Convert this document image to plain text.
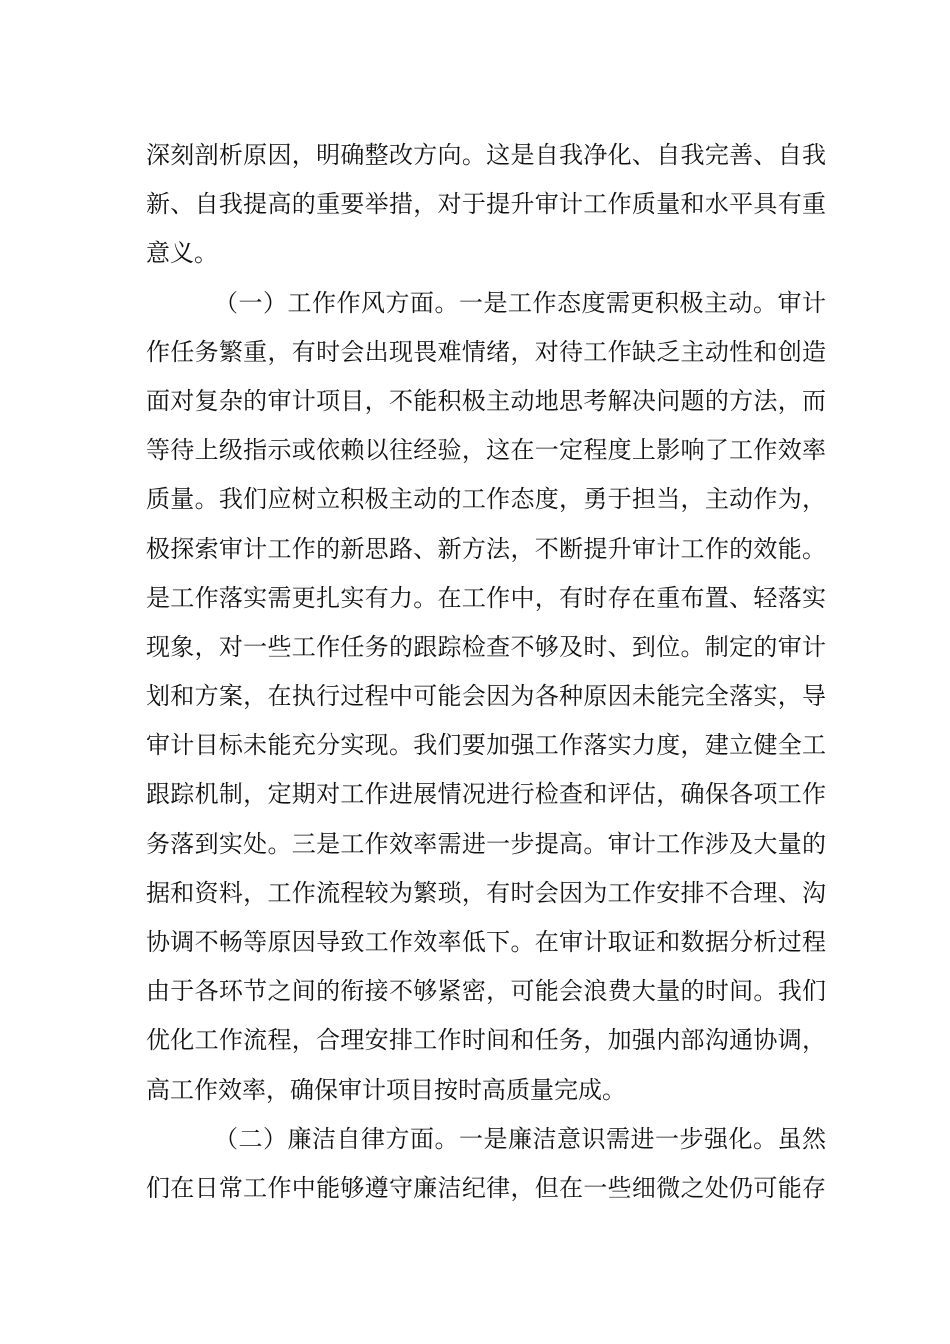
深刻剖析原因，明确整改方向。这是自我净化、自我完善、自我
新、自我提高的重要举措，对于提升审计工作质量和水平具有重
意义。
（一）工作作风方面。一是工作态度需更积极主动。审计
作任务繁重，有时会出现畏难情绪，对待工作缺乏主动性和创造
面对复杂的审计项目，不能积极主动地思考解决问题的方法，而
等待上级指示或依赖以往经验，这在一定程度上影响了工作效率
质量。我们应树立积极主动的工作态度，勇于担当，主动作为，
极探索审计工作的新思路、新方法，不断提升审计工作的效能。
是工作落实需更扎实有力。在工作中，有时存在重布置、轻落实
现象，对一些工作任务的跟踪检查不够及时、到位。制定的审计
划和方案，在执行过程中可能会因为各种原因未能完全落实，导
审计目标未能充分实现。我们要加强工作落实力度，建立健全工
跟踪机制，定期对工作进展情况进行检查和评估，确保各项工作
务落到实处。三是工作效率需进一步提高。审计工作涉及大量的
据和资料，工作流程较为繁琐，有时会因为工作安排不合理、沟
协调不畅等原因导致工作效率低下。在审计取证和数据分析过程
由于各环节之间的衔接不够紧密，可能会浪费大量的时间。我们
优化工作流程，合理安排工作时间和任务，加强内部沟通协调，
高工作效率，确保审计项目按时高质量完成。
（二）廉洁自律方面。一是廉洁意识需进一步强化。虽然
们在日常工作中能够遵守廉洁纪律，但在一些细微之处仍可能存
